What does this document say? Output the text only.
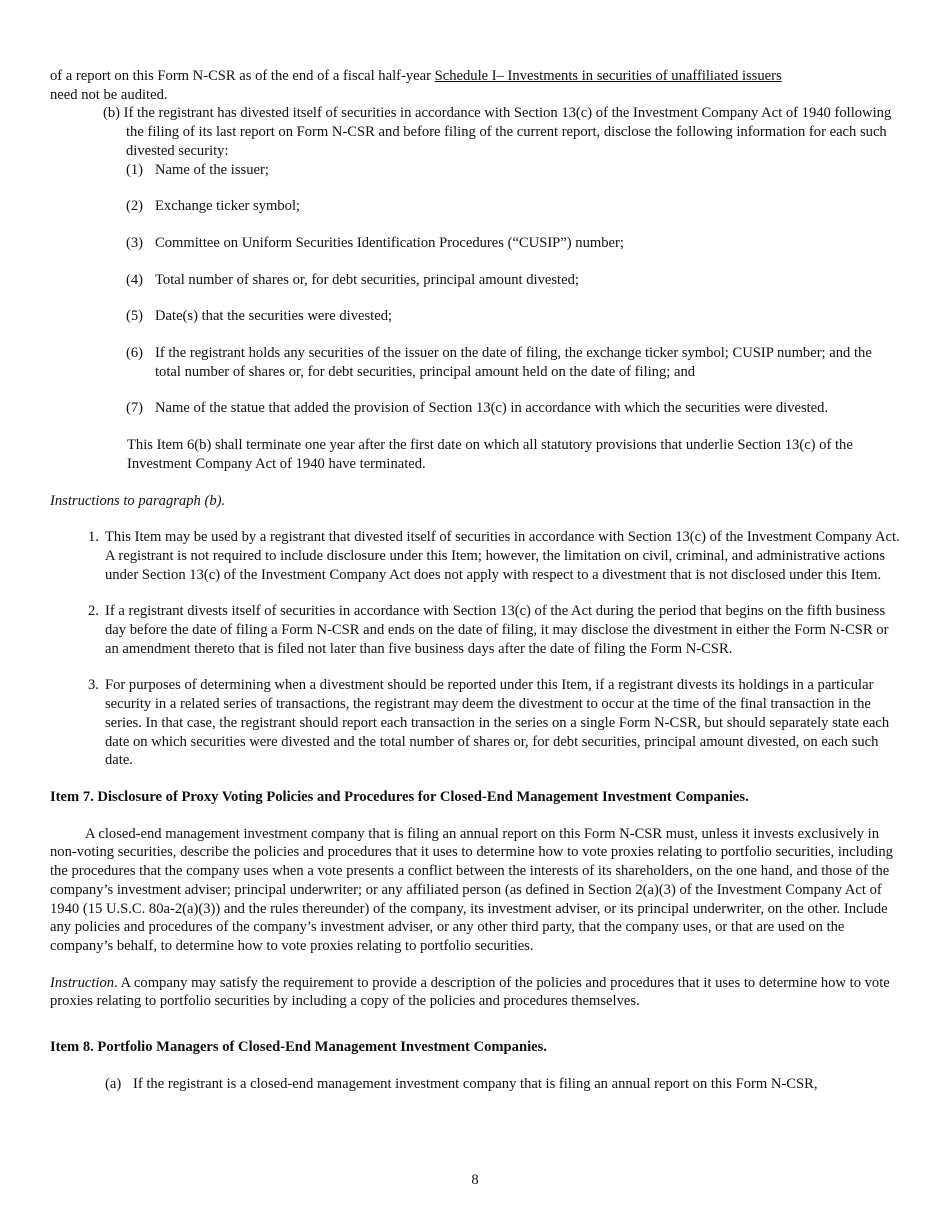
of a report on this Form N-CSR as of the end of a fiscal half-year Schedule I– Investments in securities of unaffiliated issuers
need not be audited.

(b) If the registrant has divested itself of securities in accordance with Section 13(c) of the Investment Company Act of 1940 following the filing of its last report on Form N-CSR and before filing of the current report, disclose the following information for each such divested security:

(1) Name of the issuer;
(2) Exchange ticker symbol;
(3) Committee on Uniform Securities Identification Procedures (“CUSIP”) number;
(4) Total number of shares or, for debt securities, principal amount divested;
(5) Date(s) that the securities were divested;
(6) If the registrant holds any securities of the issuer on the date of filing, the exchange ticker symbol; CUSIP number; and the total number of shares or, for debt securities, principal amount held on the date of filing; and
(7) Name of the statue that added the provision of Section 13(c) in accordance with which the securities were divested.

This Item 6(b) shall terminate one year after the first date on which all statutory provisions that underlie Section 13(c) of the Investment Company Act of 1940 have terminated.

Instructions to paragraph (b).

1. This Item may be used by a registrant that divested itself of securities in accordance with Section 13(c) of the Investment Company Act. A registrant is not required to include disclosure under this Item; however, the limitation on civil, criminal, and administrative actions under Section 13(c) of the Investment Company Act does not apply with respect to a divestment that is not disclosed under this Item.
2. If a registrant divests itself of securities in accordance with Section 13(c) of the Act during the period that begins on the fifth business day before the date of filing a Form N-CSR and ends on the date of filing, it may disclose the divestment in either the Form N-CSR or an amendment thereto that is filed not later than five business days after the date of filing the Form N-CSR.
3. For purposes of determining when a divestment should be reported under this Item, if a registrant divests its holdings in a particular security in a related series of transactions, the registrant may deem the divestment to occur at the time of the final transaction in the series. In that case, the registrant should report each transaction in the series on a single Form N-CSR, but should separately state each date on which securities were divested and the total number of shares or, for debt securities, principal amount divested, on each such date.

Item 7. Disclosure of Proxy Voting Policies and Procedures for Closed-End Management Investment Companies.

A closed-end management investment company that is filing an annual report on this Form N-CSR must, unless it invests exclusively in non-voting securities, describe the policies and procedures that it uses to determine how to vote proxies relating to portfolio securities, including the procedures that the company uses when a vote presents a conflict between the interests of its shareholders, on the one hand, and those of the company’s investment adviser; principal underwriter; or any affiliated person (as defined in Section 2(a)(3) of the Investment Company Act of 1940 (15 U.S.C. 80a-2(a)(3)) and the rules thereunder) of the company, its investment adviser, or its principal underwriter, on the other. Include any policies and procedures of the company’s investment adviser, or any other third party, that the company uses, or that are used on the company’s behalf, to determine how to vote proxies relating to portfolio securities.

Instruction. A company may satisfy the requirement to provide a description of the policies and procedures that it uses to determine how to vote proxies relating to portfolio securities by including a copy of the policies and procedures themselves.

Item 8. Portfolio Managers of Closed-End Management Investment Companies.

(a) If the registrant is a closed-end management investment company that is filing an annual report on this Form N-CSR,

8
